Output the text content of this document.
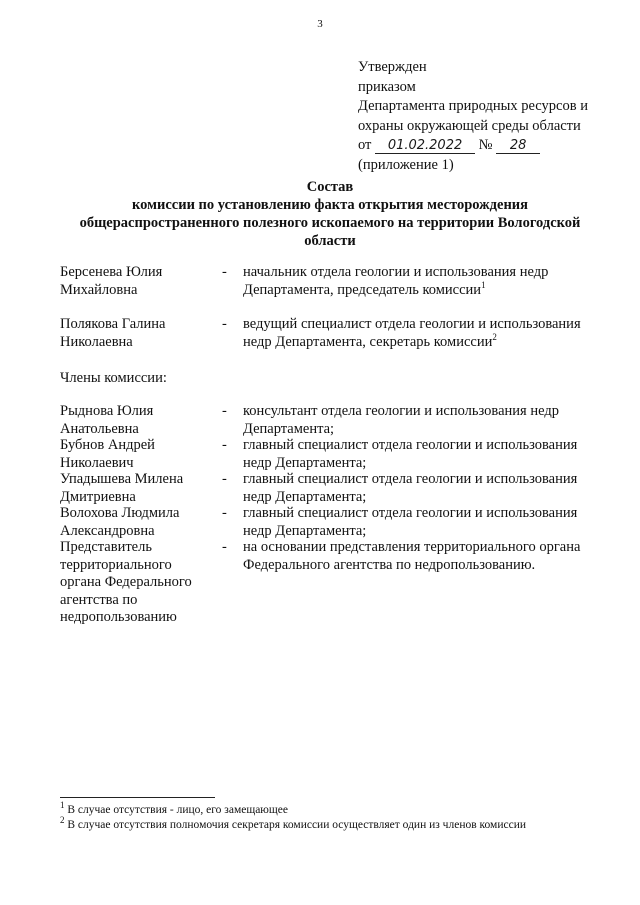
3
Утвержден
приказом
Департамента природных ресурсов и
охраны окружающей среды области
от 01.02.2022 № 28
(приложение 1)
Состав
комиссии по установлению факта открытия месторождения
общераспространенного полезного ископаемого на территории Вологодской
области
Берсенева Юлия
Михайловна
-	начальник отдела геологии и использования недр Департамента, председатель комиссии$^1$
Полякова Галина
Николаевна
-	ведущий специалист отдела геологии и использования недр Департамента, секретарь комиссии$^2$
Члены комиссии:
Рыднова Юлия
Анатольевна
-	консультант отдела геологии и использования недр Департамента;
Бубнов Андрей
Николаевич
-	главный специалист отдела геологии и использования недр Департамента;
Упадышева Милена
Дмитриевна
-	главный специалист отдела геологии и использования недр Департамента;
Волохова Людмила
Александровна
-	главный специалист отдела геологии и использования недр Департамента;
Представитель территориального органа Федерального агентства по недропользованию
-	на основании представления территориального органа Федерального агентства по недропользованию.
$^1$ В случае отсутствия - лицо, его замещающее
$^2$ В случае отсутствия полномочия секретаря комиссии осуществляет один из членов комиссии
